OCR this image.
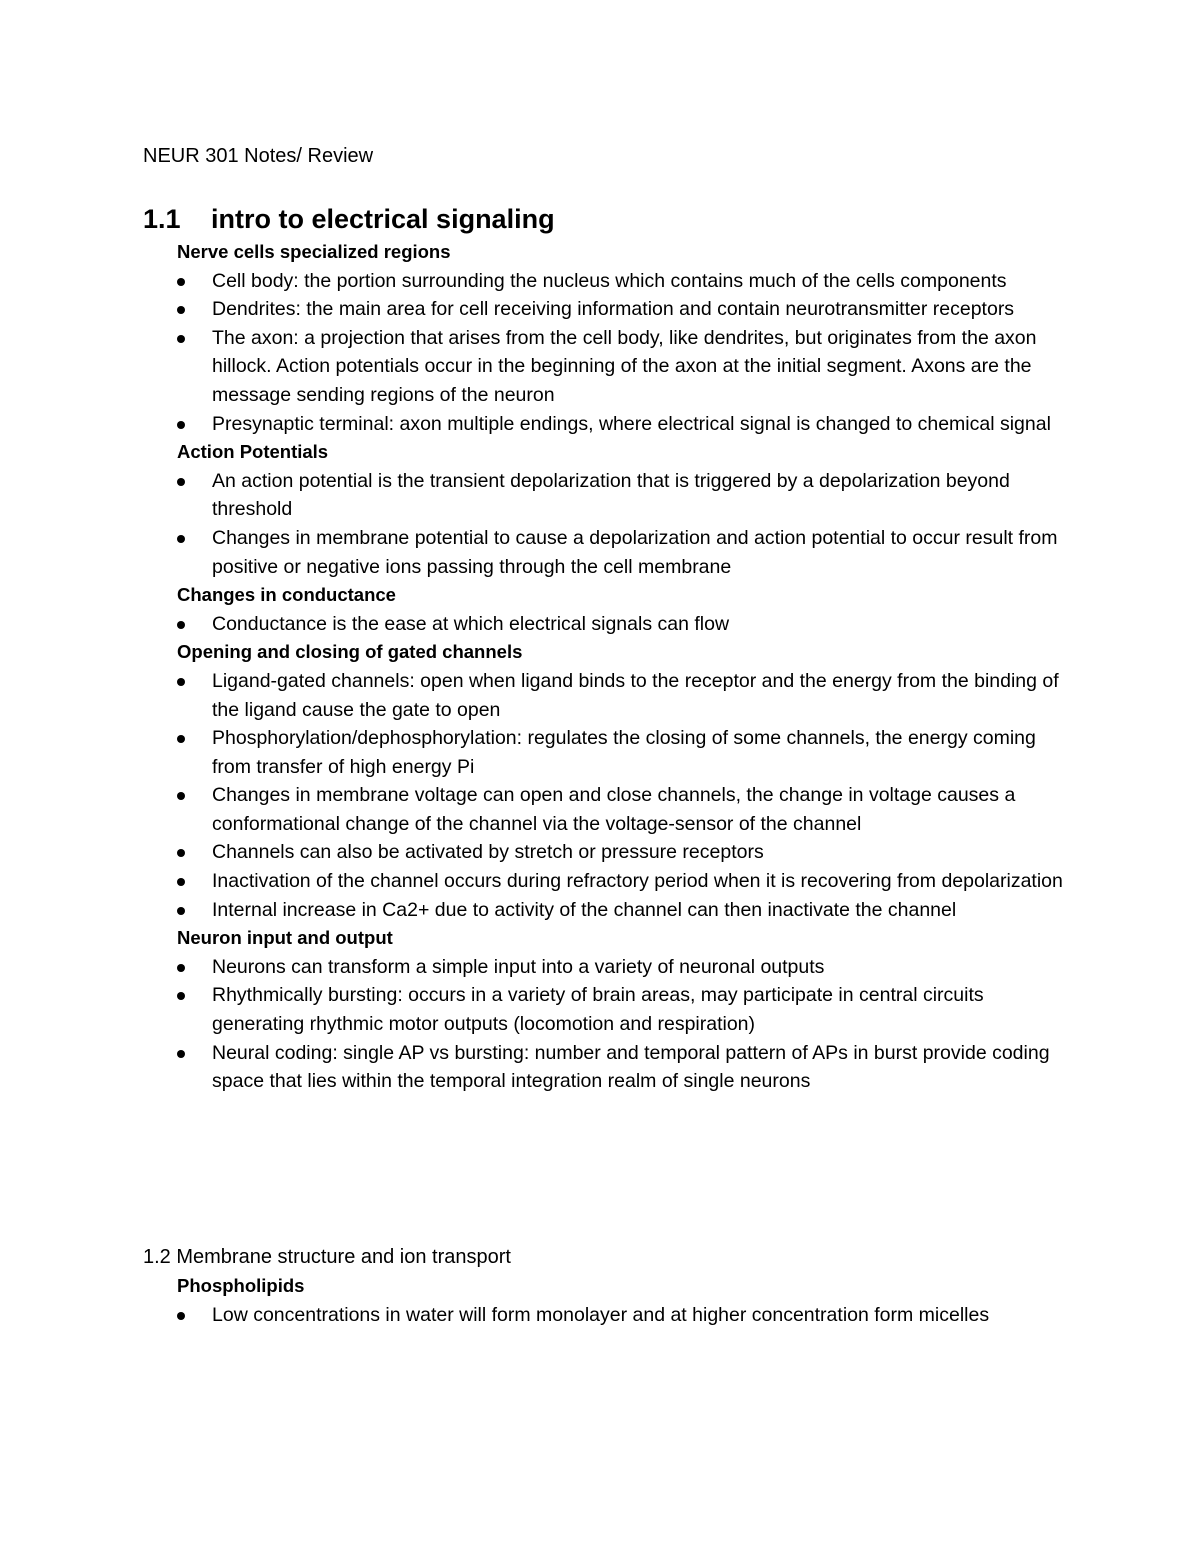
NEUR 301 Notes/ Review
1.1 intro to electrical signaling
Nerve cells specialized regions
Cell body: the portion surrounding the nucleus which contains much of the cells components
Dendrites: the main area for cell receiving information and contain neurotransmitter receptors
The axon: a projection that arises from the cell body, like dendrites, but originates from the axon hillock. Action potentials occur in the beginning of the axon at the initial segment. Axons are the message sending regions of the neuron
Presynaptic terminal: axon multiple endings, where electrical signal is changed to chemical signal
Action Potentials
An action potential is the transient depolarization that is triggered by a depolarization beyond threshold
Changes in membrane potential to cause a depolarization and action potential to occur result from positive or negative ions passing through the cell membrane
Changes in conductance
Conductance is the ease at which electrical signals can flow
Opening and closing of gated channels
Ligand-gated channels: open when ligand binds to the receptor and the energy from the binding of the ligand cause the gate to open
Phosphorylation/dephosphorylation: regulates the closing of some channels, the energy coming from transfer of high energy Pi
Changes in membrane voltage can open and close channels, the change in voltage causes a conformational change of the channel via the voltage-sensor of the channel
Channels can also be activated by stretch or pressure receptors
Inactivation of the channel occurs during refractory period when it is recovering from depolarization
Internal increase in Ca2+ due to activity of the channel can then inactivate the channel
Neuron input and output
Neurons can transform a simple input into a variety of neuronal outputs
Rhythmically bursting: occurs in a variety of brain areas, may participate in central circuits generating rhythmic motor outputs (locomotion and respiration)
Neural coding: single AP vs bursting: number and temporal pattern of APs in burst provide coding space that lies within the temporal integration realm of single neurons
1.2 Membrane structure and ion transport
Phospholipids
Low concentrations in water will form monolayer and at higher concentration form micelles
